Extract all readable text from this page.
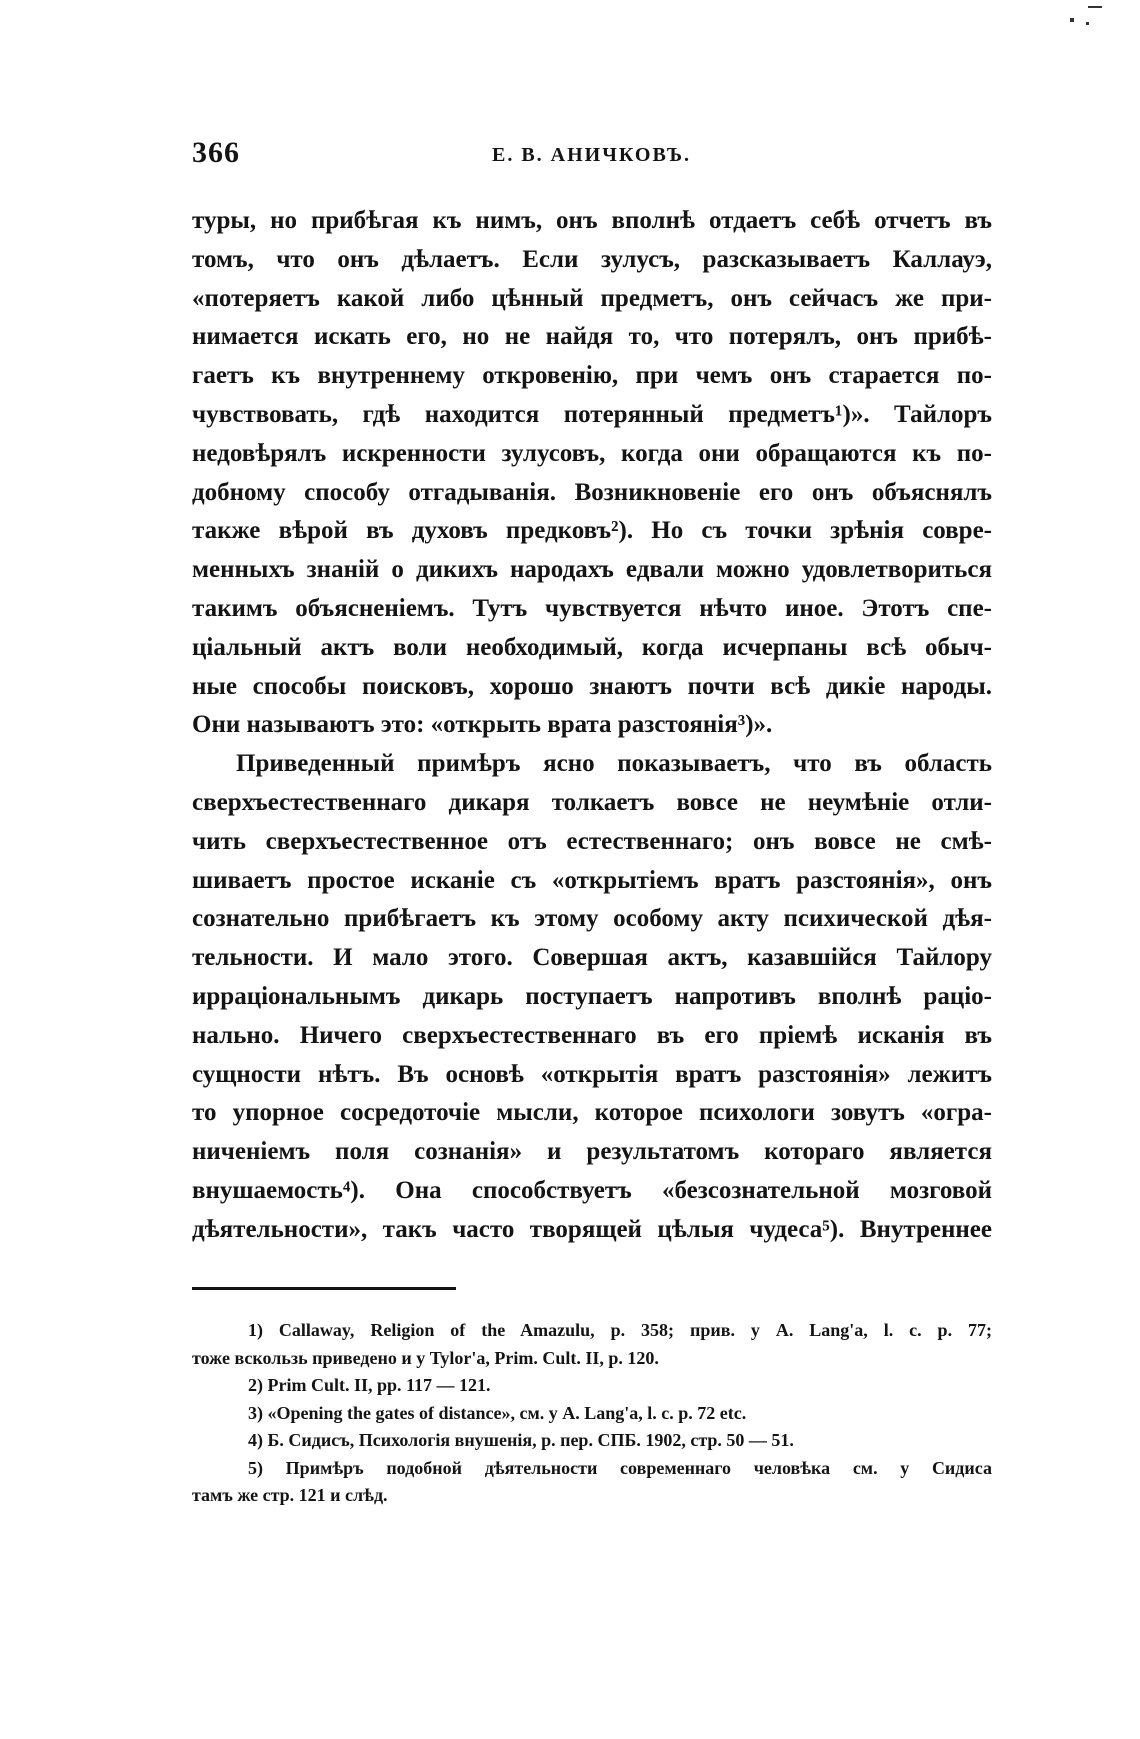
366	Е. В. АНИЧКОВЪ.
туры, но прибѣгая къ нимъ, онъ вполнѣ отдаетъ себѣ отчетъ въ
томъ, что онъ дѣлаетъ. Если зулусъ, разсказываетъ Каллауэ,
«потеряетъ какой либо цѣнный предметъ, онъ сейчасъ же при-
нимается искать его, но не найдя то, что потерялъ, онъ прибѣ-
гаетъ къ внутреннему откровенію, при чемъ онъ старается по-
чувствовать, гдѣ находится потерянный предметъ¹)». Тайлоръ
недовѣрялъ искренности зулусовъ, когда они обращаются къ по-
добному способу отгадыванія. Возникновеніе его онъ объяснялъ
также вѣрой въ духовъ предковъ²). Но съ точки зрѣнія совре-
менныхъ знаній о дикихъ народахъ едвали можно удовлетвориться
такимъ объясненіемъ. Тутъ чувствуется нѣчто иное. Этотъ спе-
ціальный актъ воли необходимый, когда исчерпаны всѣ обыч-
ные способы поисковъ, хорошо знаютъ почти всѣ дикіе народы.
Они называютъ это: «открыть врата разстоянія³)».
Приведенный примѣръ ясно показываетъ, что въ область
сверхъестественнаго дикаря толкаетъ вовсе не неумѣніе отли-
чить сверхъестественное отъ естественнаго; онъ вовсе не смѣ-
шиваетъ простое исканіе съ «открытіемъ вратъ разстоянія», онъ
сознательно прибѣгаетъ къ этому особому акту психической дѣя-
тельности. И мало этого. Совершая актъ, казавшійся Тайлору
ирраціональнымъ дикарь поступаетъ напротивъ вполнѣ раціо-
нально. Ничего сверхъестественнаго въ его пріемѣ исканія въ
сущности нѣтъ. Въ основѣ «открытія вратъ разстоянія» лежитъ
то упорное сосредоточіе мысли, которое психологи зовутъ «огра-
ниченіемъ поля сознанія» и результатомъ котораго является
внушаемость⁴). Она способствуетъ «безсознательной мозговой
дѣятельности», такъ часто творящей цѣлыя чудеса⁵). Внутреннее
1) Callaway, Religion of the Amazulu, p. 358; прив. у A. Lang'a, l. c. p. 77;
тоже вскользь приведено и у Tylor'a, Prim. Cult. II, p. 120.
2) Prim Cult. II, pp. 117 — 121.
3) «Opening the gates of distance», см. у A. Lang'a, l. c. p. 72 etc.
4) Б. Сидисъ, Психологія внушенія, р. пер. СПБ. 1902, стр. 50 — 51.
5) Примѣръ подобной дѣятельности современнаго человѣка см. у Сидиса
тамъ же стр. 121 и слѣд.
